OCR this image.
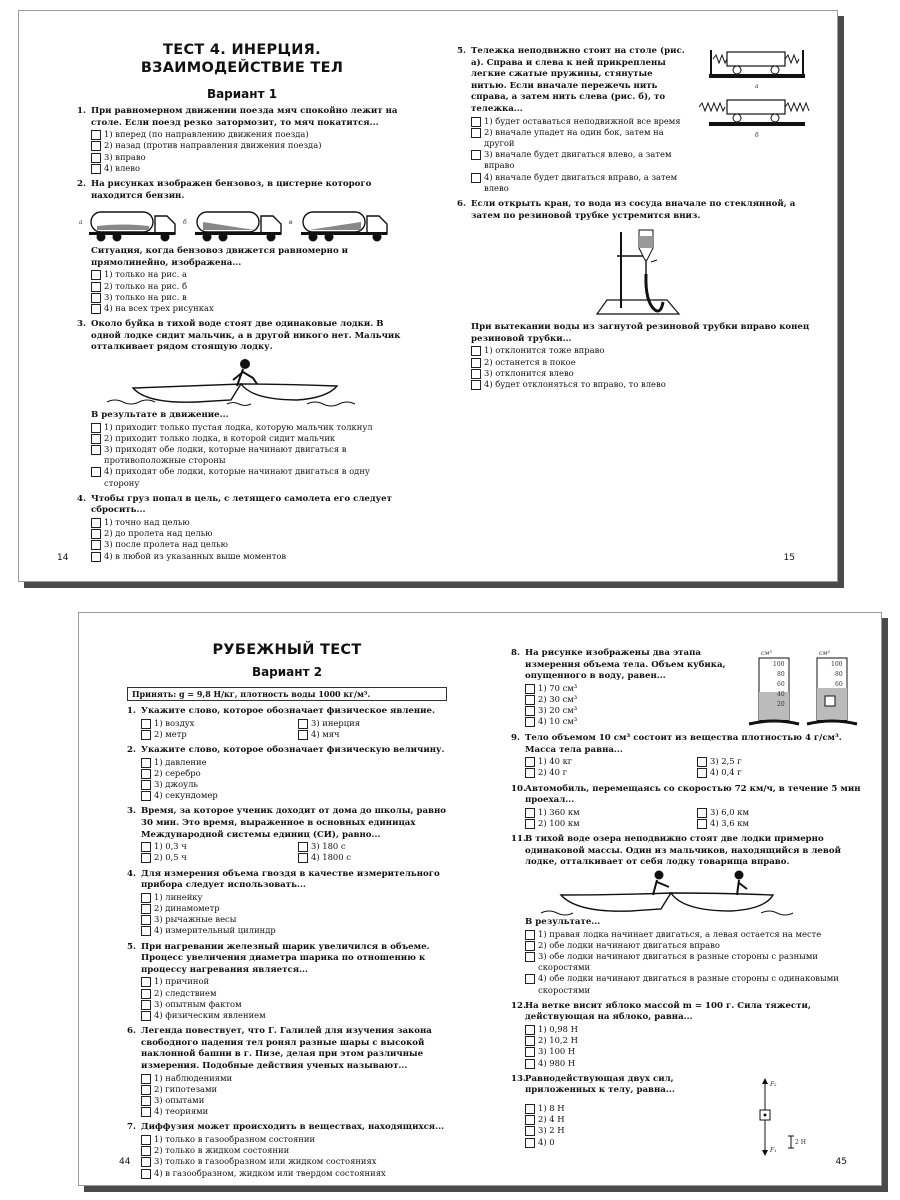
ТЕСТ 4. ИНЕРЦИЯ.
ВЗАИМОДЕЙСТВИЕ ТЕЛ
Вариант 1
1. При равномерном движении поезда мяч спокойно лежит на столе. Если поезд резко затормозит, то мяч покатится...
1) вперед (по направлению движения поезда)
2) назад (против направления движения поезда)
3) вправо
4) влево
2. На рисунках изображен бензовоз, в цистерне которого находится бензин.
а	б	в
Ситуация, когда бензовоз движется равномерно и прямолинейно, изображена...
1) только на рис. а
2) только на рис. б
3) только на рис. в
4) на всех трех рисунках
3. Около буйка в тихой воде стоят две одинаковые лодки. В одной лодке сидит мальчик, а в другой никого нет. Мальчик отталкивает рядом стоящую лодку.
В результате в движение...
1) приходит только пустая лодка, которую мальчик толкнул
2) приходит только лодка, в которой сидит мальчик
3) приходят обе лодки, которые начинают двигаться в противоположные стороны
4) приходят обе лодки, которые начинают двигаться в одну сторону
4. Чтобы груз попал в цель, с летящего самолета его следует сбросить...
1) точно над целью
2) до пролета над целью
3) после пролета над целью
4) в любой из указанных выше моментов
14
5. Тележка неподвижно стоит на столе (рис. а). Справа и слева к ней прикреплены легкие сжатые пружины, стянутые нитью. Если вначале пережечь нить справа, а затем нить слева (рис. б), то тележка...
1) будет оставаться неподвижной все время
2) вначале упадет на один бок, затем на другой
3) вначале будет двигаться влево, а затем вправо
4) вначале будет двигаться вправо, а затем влево
а
б
6. Если открыть кран, то вода из сосуда вначале по стеклянной, а затем по резиновой трубке устремится вниз.
При вытекании воды из загнутой резиновой трубки вправо конец резиновой трубки...
1) отклонится тоже вправо
2) останется в покое
3) отклонится влево
4) будет отклоняться то вправо, то влево
15
РУБЕЖНЫЙ ТЕСТ
Вариант 2
Принять: g = 9,8 Н/кг, плотность воды 1000 кг/м³.
1. Укажите слово, которое обозначает физическое явление.
1) воздух	3) инерция
2) метр	4) мяч
2. Укажите слово, которое обозначает физическую величину.
1) давление
2) серебро
3) джоуль
4) секундомер
3. Время, за которое ученик доходит от дома до школы, равно 30 мин. Это время, выраженное в основных единицах Международной системы единиц (СИ), равно...
1) 0,3 ч	3) 180 с
2) 0,5 ч	4) 1800 с
4. Для измерения объема гвоздя в качестве измерительного прибора следует использовать...
1) линейку
2) динамометр
3) рычажные весы
4) измерительный цилиндр
5. При нагревании железный шарик увеличился в объеме. Процесс увеличения диаметра шарика по отношению к процессу нагревания является...
1) причиной
2) следствием
3) опытным фактом
4) физическим явлением
6. Легенда повествует, что Г. Галилей для изучения закона свободного падения тел ронял разные шары с высокой наклонной башни в г. Пизе, делая при этом различные измерения. Подобные действия ученых называют...
1) наблюдениями
2) гипотезами
3) опытами
4) теориями
7. Диффузия может происходить в веществах, находящихся...
1) только в газообразном состоянии
2) только в жидком состоянии
3) только в газообразном или жидком состояниях
4) в газообразном, жидком или твердом состояниях
44
8. На рисунке изображены два этапа измерения объема тела. Объем кубика, опущенного в воду, равен...
1) 70 см³
2) 30 см³
3) 20 см³
4) 10 см³
см³
100
80
60
40
20
см³
100
80
60
9. Тело объемом 10 см³ состоит из вещества плотностью 4 г/см³. Масса тела равна...
1) 40 кг	3) 2,5 г
2) 40 г	4) 0,4 г
10. Автомобиль, перемещаясь со скоростью 72 км/ч, в течение 5 мин проехал...
1) 360 км	3) 6,0 км
2) 100 км	4) 3,6 км
11. В тихой воде озера неподвижно стоят две лодки примерно одинаковой массы. Один из мальчиков, находящийся в левой лодке, отталкивает от себя лодку товарища вправо.
В результате...
1) правая лодка начинает двигаться, а левая остается на месте
2) обе лодки начинают двигаться вправо
3) обе лодки начинают двигаться в разные стороны с разными скоростями
4) обе лодки начинают двигаться в разные стороны с одинаковыми скоростями
12. На ветке висит яблоко массой m = 100 г. Сила тяжести, действующая на яблоко, равна...
1) 0,98 Н
2) 10,2 Н
3) 100 Н
4) 980 Н
13. Равнодействующая двух сил, приложенных к телу, равна...
1) 8 Н
2) 4 Н
3) 2 Н
4) 0
F₂
F₁
2 Н
45
